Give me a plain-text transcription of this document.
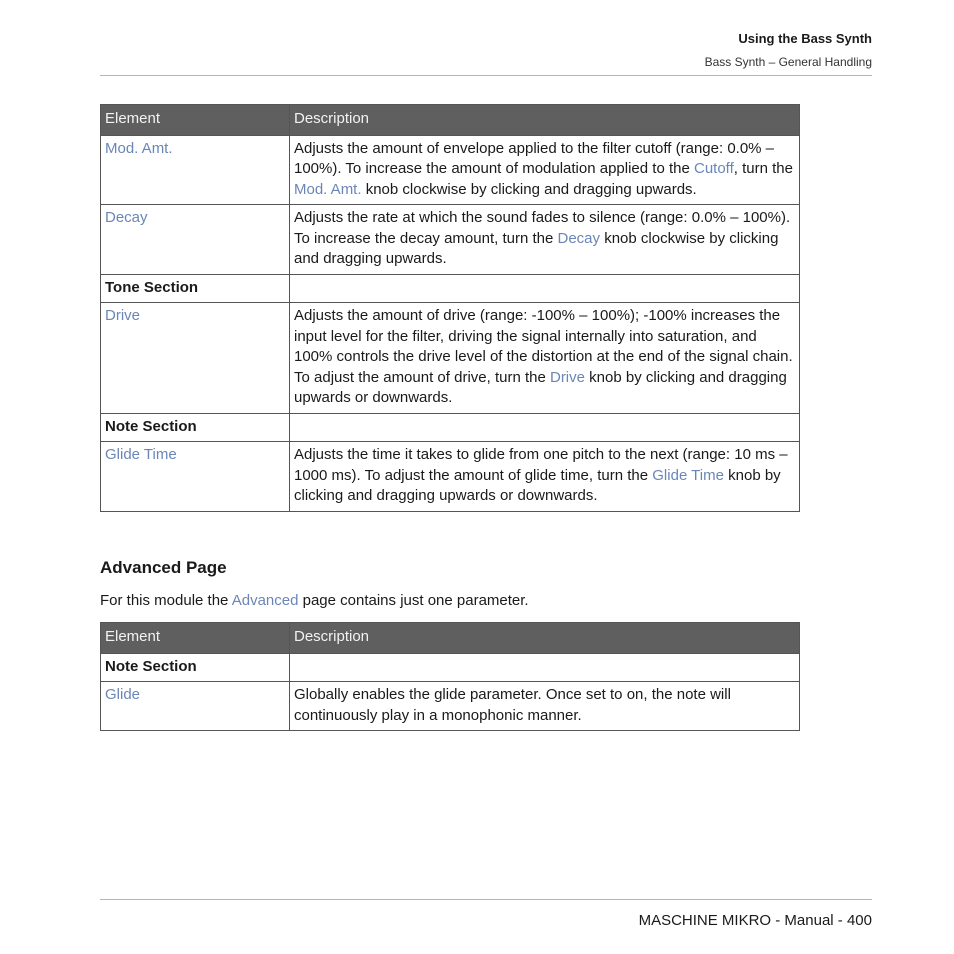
Using the Bass Synth
Bass Synth – General Handling
Element	Description
Mod. Amt.	Adjusts the amount of envelope applied to the filter cutoff (range: 0.0% – 100%). To increase the amount of modulation applied to the Cutoff, turn the Mod. Amt. knob clockwise by clicking and dragging upwards.
Decay	Adjusts the rate at which the sound fades to silence (range: 0.0% – 100%). To increase the decay amount, turn the Decay knob clockwise by clicking and dragging upwards.
Tone Section	
Drive	Adjusts the amount of drive (range: -100% – 100%); -100% increases the input level for the filter, driving the signal internally into saturation, and 100% controls the drive level of the distortion at the end of the signal chain. To adjust the amount of drive, turn the Drive knob by clicking and dragging upwards or downwards.
Note Section	
Glide Time	Adjusts the time it takes to glide from one pitch to the next (range: 10 ms – 1000 ms). To adjust the amount of glide time, turn the Glide Time knob by clicking and dragging upwards or downwards.
Advanced Page
For this module the Advanced page contains just one parameter.
Element	Description
Note Section	
Glide	Globally enables the glide parameter. Once set to on, the note will continuously play in a monophonic manner.
MASCHINE MIKRO - Manual - 400
